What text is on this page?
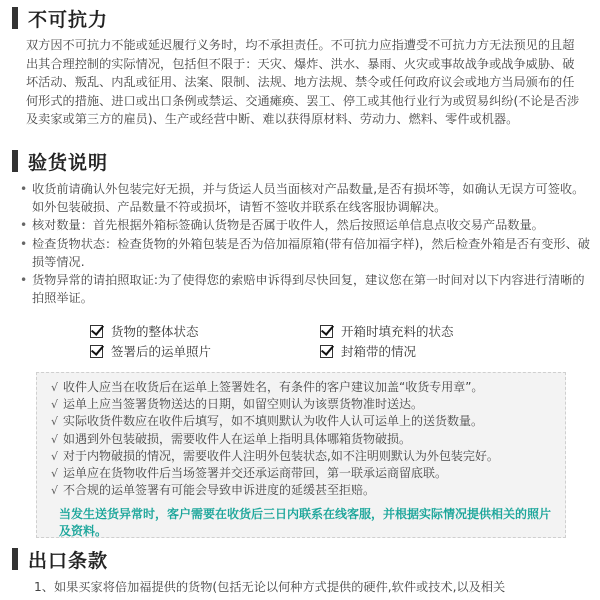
不可抗力

双方因不可抗力不能或延迟履行义务时，均不承担责任。不可抗力应指遭受不可抗力方无法预见的且超出其合理控制的实际情况，包括但不限于：天灾、爆炸、洪水、暴雨、火灾或事故战争或战争威胁、破坏活动、叛乱、内乱或征用、法案、限制、法规、地方法规、禁令或任何政府议会或地方当局颁布的任何形式的措施、进口或出口条例或禁运、交通瘫痪、罢工、停工或其他行业行为或贸易纠纷(不论是否涉及卖家或第三方的雇员)、生产或经营中断、难以获得原材料、劳动力、燃料、零件或机器。

验货说明
• 收货前请确认外包装完好无损，并与货运人员当面核对产品数量,是否有损坏等，如确认无误方可签收。如外包装破损、产品数量不符或损坏，请暂不签收并联系在线客服协调解决。
• 核对数量：首先根据外箱标签确认货物是否属于收件人，然后按照运单信息点收交易产品数量。
• 检查货物状态：检查货物的外箱包装是否为倍加福原箱(带有倍加福字样)，然后检查外箱是否有变形、破损等情况.
• 货物异常的请拍照取证:为了使得您的索赔申诉得到尽快回复，建议您在第一时间对以下内容进行清晰的拍照举证。
货物的整体状态	开箱时填充料的状态
签署后的运单照片	封箱带的情况
√ 收件人应当在收货后在运单上签署姓名，有条件的客户建议加盖“收货专用章”。
√ 运单上应当签署货物送达的日期，如留空则认为该票货物准时送达。
√ 实际收货件数应在收件后填写，如不填则默认为收件人认可运单上的送货数量。
√ 如遇到外包装破损，需要收件人在运单上指明具体哪箱货物破损。
√ 对于内物破损的情况，需要收件人注明外包装状态,如不注明则默认为外包装完好。
√ 运单应在货物收件后当场签署并交还承运商带回，第一联承运商留底联。
√ 不合规的运单签署有可能会导致申诉进度的延缓甚至拒赔。

当发生送货异常时，客户需要在收货后三日内联系在线客服，并根据实际情况提供相关的照片及资料。

出口条款

1、如果买家将倍加福提供的货物(包括无论以何种方式提供的硬件,软件或技术,以及相关
